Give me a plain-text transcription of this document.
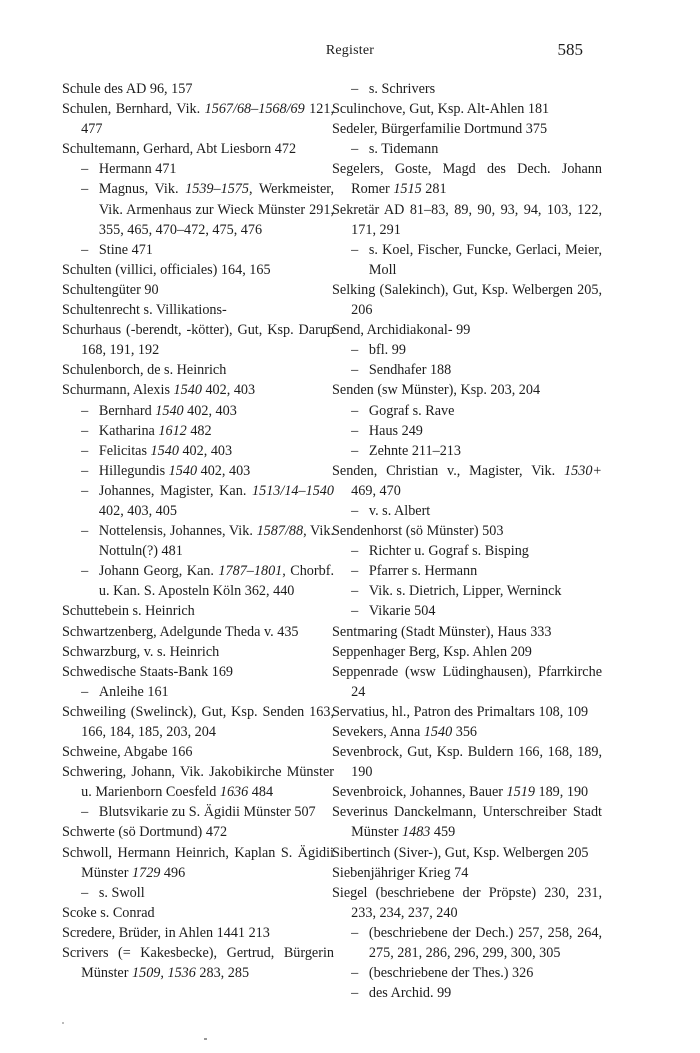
Register	585

Schule des AD 96, 157

Schulen, Bernhard, Vik. 1567/68–1568/69 121, 477

Schultemann, Gerhard, Abt Liesborn 472

– Hermann 471

– Magnus, Vik. 1539–1575, Werkmeister, Vik. Armenhaus zur Wieck Münster 291, 355, 465, 470–472, 475, 476

– Stine 471

Schulten (villici, officiales) 164, 165

Schultengüter 90

Schultenrecht s. Villikations-

Schurhaus (-berendt, -kötter), Gut, Ksp. Darup 168, 191, 192

Schulenborch, de s. Heinrich

Schurmann, Alexis 1540 402, 403

– Bernhard 1540 402, 403

– Katharina 1612 482

– Felicitas 1540 402, 403

– Hillegundis 1540 402, 403

– Johannes, Magister, Kan. 1513/14–1540 402, 403, 405

– Nottelensis, Johannes, Vik. 1587/88, Vik. Nottuln(?) 481

– Johann Georg, Kan. 1787–1801, Chorbf. u. Kan. S. Aposteln Köln 362, 440

Schuttebein s. Heinrich

Schwartzenberg, Adelgunde Theda v. 435

Schwarzburg, v. s. Heinrich

Schwedische Staats-Bank 169

– Anleihe 161

Schweiling (Swelinck), Gut, Ksp. Senden 163, 166, 184, 185, 203, 204

Schweine, Abgabe 166

Schwering, Johann, Vik. Jakobikirche Münster u. Marienborn Coesfeld 1636 484

– Blutsvikarie zu S. Ägidii Münster 507

Schwerte (sö Dortmund) 472

Schwoll, Hermann Heinrich, Kaplan S. Ägidii Münster 1729 496

– s. Swoll

Scoke s. Conrad

Scredere, Brüder, in Ahlen 1441 213

Scrivers (= Kakesbecke), Gertrud, Bürgerin Münster 1509, 1536 283, 285

– s. Schrivers

Sculinchove, Gut, Ksp. Alt-Ahlen 181

Sedeler, Bürgerfamilie Dortmund 375

– s. Tidemann

Segelers, Goste, Magd des Dech. Johann Romer 1515 281

Sekretär AD 81–83, 89, 90, 93, 94, 103, 122, 171, 291

– s. Koel, Fischer, Funcke, Gerlaci, Meier, Moll

Selking (Salekinch), Gut, Ksp. Welbergen 205, 206

Send, Archidiakonal- 99

– bfl. 99

– Sendhafer 188

Senden (sw Münster), Ksp. 203, 204

– Gograf s. Rave

– Haus 249

– Zehnte 211–213

Senden, Christian v., Magister, Vik. 1530+ 469, 470

– v. s. Albert

Sendenhorst (sö Münster) 503

– Richter u. Gograf s. Bisping

– Pfarrer s. Hermann

– Vik. s. Dietrich, Lipper, Werninck

– Vikarie 504

Sentmaring (Stadt Münster), Haus 333

Seppenhager Berg, Ksp. Ahlen 209

Seppenrade (wsw Lüdinghausen), Pfarrkirche 24

Servatius, hl., Patron des Primaltars 108, 109

Sevekers, Anna 1540 356

Sevenbrock, Gut, Ksp. Buldern 166, 168, 189, 190

Sevenbroick, Johannes, Bauer 1519 189, 190

Severinus Danckelmann, Unterschreiber Stadt Münster 1483 459

Sibertinch (Siver-), Gut, Ksp. Welbergen 205

Siebenjähriger Krieg 74

Siegel (beschriebene der Pröpste) 230, 231, 233, 234, 237, 240

– (beschriebene der Dech.) 257, 258, 264, 275, 281, 286, 296, 299, 300, 305

– (beschriebene der Thes.) 326

– des Archid. 99
